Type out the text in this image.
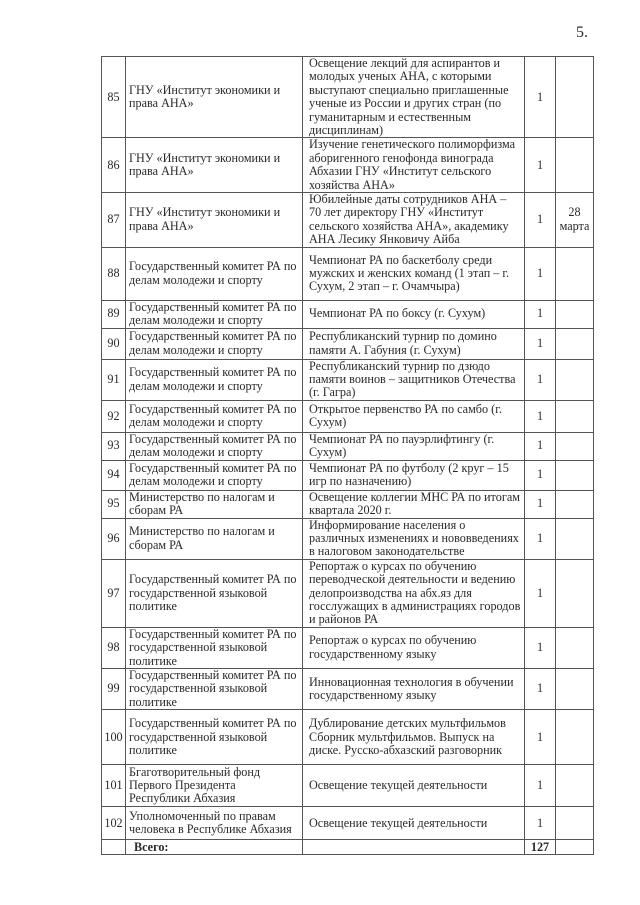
5.
85	ГНУ «Институт экономики и права АНА»	Освещение лекций для аспирантов и молодых ученых АНА, с которыми выступают специально приглашенные ученые из России и других стран (по гуманитарным и естественным дисциплинам)	1	
86	ГНУ «Институт экономики и права АНА»	Изучение генетического полиморфизма аборигенного генофонда винограда Абхазии ГНУ «Институт сельского хозяйства АНА»	1	
87	ГНУ «Институт экономики и права АНА»	Юбилейные даты сотрудников АНА – 70 лет директору ГНУ «Институт сельского хозяйства АНА», академику АНА Лесику Янковичу Айба	1	28 марта
88	Государственный комитет РА по делам молодежи и спорту	Чемпионат РА по баскетболу среди мужских и женских команд (1 этап – г. Сухум, 2 этап – г. Очамчыра)	1	
89	Государственный комитет РА по делам молодежи и спорту	Чемпионат РА по боксу (г. Сухум)	1	
90	Государственный комитет РА по делам молодежи и спорту	Республиканский турнир по домино памяти А. Габуния (г. Сухум)	1	
91	Государственный комитет РА по делам молодежи и спорту	Республиканский турнир по дзюдо памяти воинов – защитников Отечества (г. Гагра)	1	
92	Государственный комитет РА по делам молодежи и спорту	Открытое первенство РА по самбо (г. Сухум)	1	
93	Государственный комитет РА по делам молодежи и спорту	Чемпионат РА по пауэрлифтингу (г. Сухум)	1	
94	Государственный комитет РА по делам молодежи и спорту	Чемпионат РА по футболу (2 круг – 15 игр по назначению)	1	
95	Министерство по налогам и сборам РА	Освещение коллегии МНС РА по итогам квартала 2020 г.	1	
96	Министерство по налогам и сборам РА	Информирование населения о различных изменениях и нововведениях в налоговом законодательстве	1	
97	Государственный комитет РА по государственной языковой политике	Репортаж о курсах по обучению переводческой деятельности и ведению делопроизводства на абх.яз для госслужащих в администрациях городов и районов РА	1	
98	Государственный комитет РА по государственной языковой политике	Репортаж о курсах по обучению государственному языку	1	
99	Государственный комитет РА по государственной языковой политике	Инновационная технология в обучении государственному языку	1	
100	Государственный комитет РА по государственной языковой политике	Дублирование детских мультфильмов Сборник мультфильмов. Выпуск на диске. Русско-абхазский разговорник	1	
101	Бгаготворительный фонд Первого Президента Республики Абхазия	Освещение текущей деятельности	1	
102	Уполномоченный по правам человека в Республике Абхазия	Освещение текущей деятельности	1	
	Всего:		127	
